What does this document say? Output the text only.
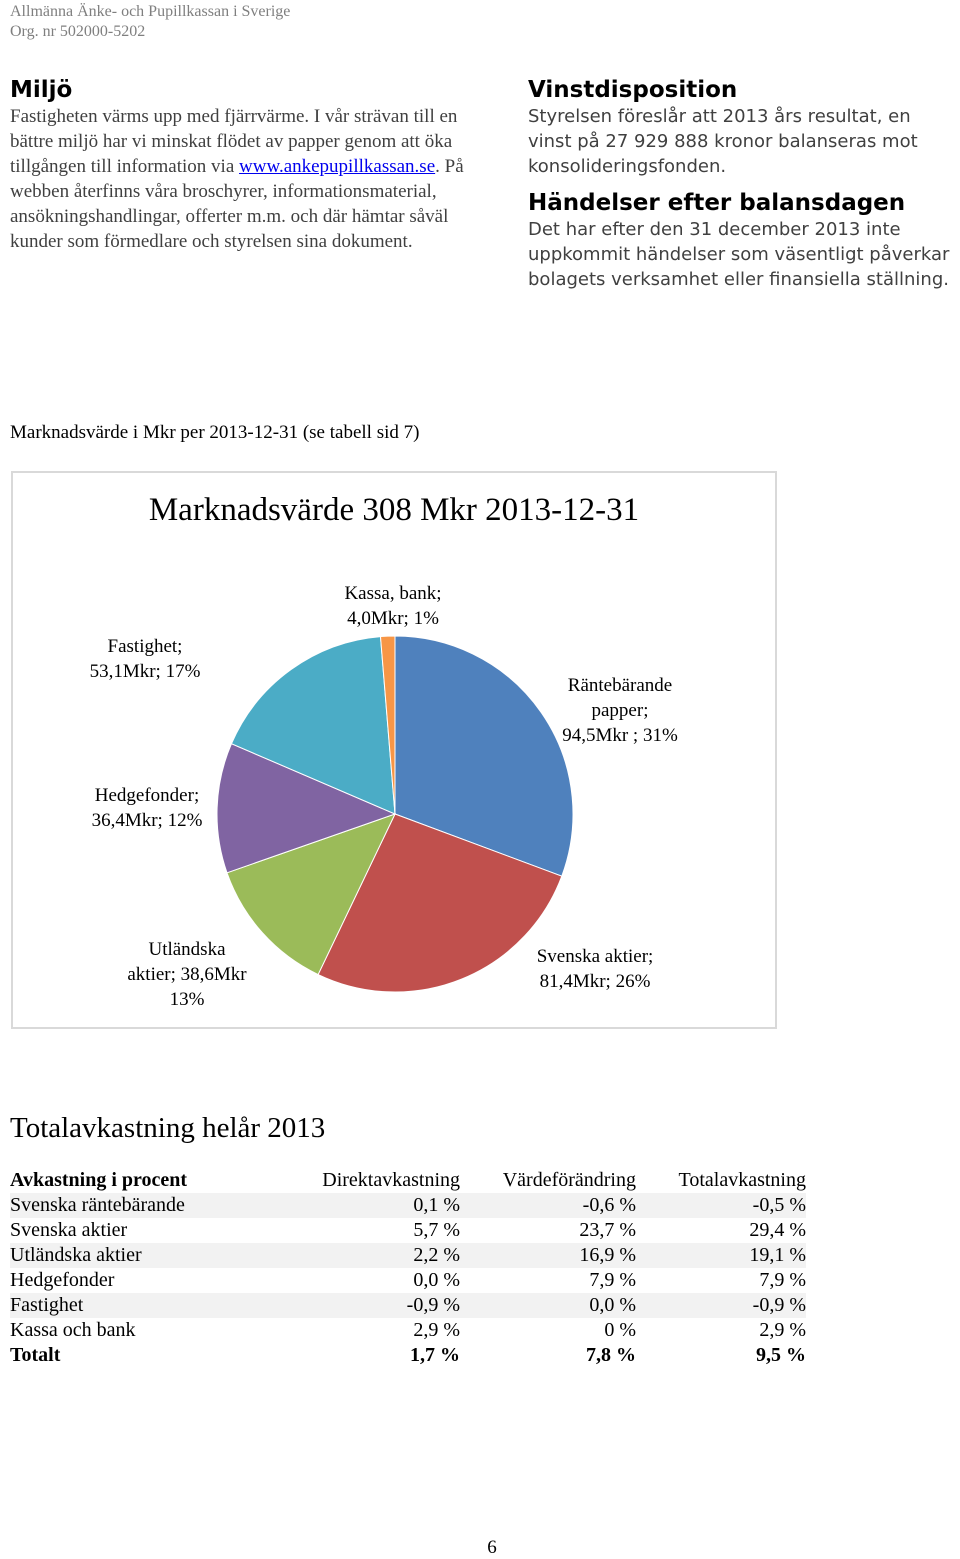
Allmänna Änke- och Pupillkassan i Sverige
Org. nr 502000-5202
Miljö
Fastigheten värms upp med fjärrvärme. I vår strävan till en bättre miljö har vi minskat flödet av papper genom att öka tillgången till information via www.ankepupillkassan.se. På webben återfinns våra broschyrer, informationsmaterial, ansökningshandlingar, offerter m.m. och där hämtar såväl kunder som förmedlare och styrelsen sina dokument.
Vinstdisposition
Styrelsen föreslår att 2013 års resultat, en vinst på 27 929 888 kronor balanseras mot konsolideringsfonden.
Händelser efter balansdagen
Det har efter den 31 december 2013 inte uppkommit händelser som väsentligt påverkar bolagets verksamhet eller finansiella ställning.
Marknadsvärde i Mkr per 2013-12-31 (se tabell sid 7)
Marknadsvärde 308 Mkr 2013-12-31
Kassa, bank;
4,0Mkr; 1%
Fastighet;
53,1Mkr; 17%
Räntebärande
papper;
94,5Mkr ; 31%
Hedgefonder;
36,4Mkr; 12%
Utländska
aktier; 38,6Mkr
13%
Svenska aktier;
81,4Mkr; 26%
Totalavkastning helår 2013
Avkastning i procent	Direktavkastning	Värdeförändring	Totalavkastning
Svenska räntebärande	0,1 %	-0,6 %	-0,5 %
Svenska aktier	5,7 %	23,7 %	29,4 %
Utländska aktier	2,2 %	16,9 %	19,1 %
Hedgefonder	0,0 %	7,9 %	7,9 %
Fastighet	-0,9 %	0,0 %	-0,9 %
Kassa och bank	2,9 %	0 %	2,9 %
Totalt	1,7 %	7,8 %	9,5 %
6
